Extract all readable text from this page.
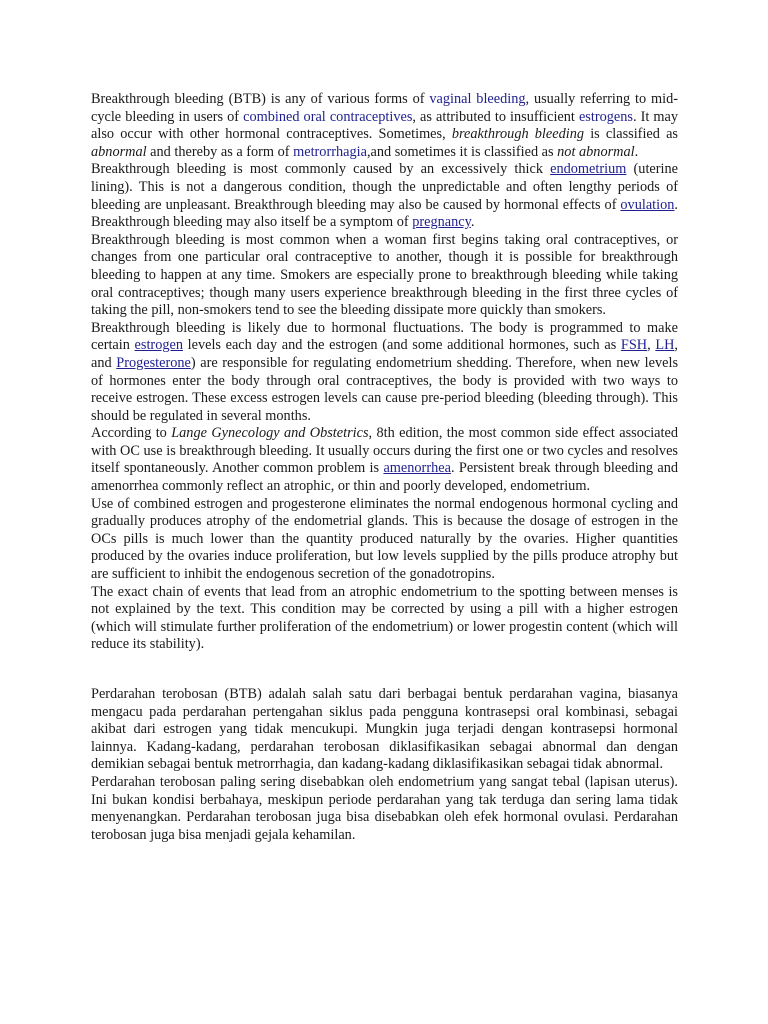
Breakthrough bleeding (BTB) is any of various forms of vaginal bleeding, usually referring to mid-cycle bleeding in users of combined oral contraceptives, as attributed to insufficient estrogens. It may also occur with other hormonal contraceptives. Sometimes, breakthrough bleeding is classified as abnormal and thereby as a form of metrorrhagia,and sometimes it is classified as not abnormal.

Breakthrough bleeding is most commonly caused by an excessively thick endometrium (uterine lining). This is not a dangerous condition, though the unpredictable and often lengthy periods of bleeding are unpleasant. Breakthrough bleeding may also be caused by hormonal effects of ovulation. Breakthrough bleeding may also itself be a symptom of pregnancy.

Breakthrough bleeding is most common when a woman first begins taking oral contraceptives, or changes from one particular oral contraceptive to another, though it is possible for breakthrough bleeding to happen at any time. Smokers are especially prone to breakthrough bleeding while taking oral contraceptives; though many users experience breakthrough bleeding in the first three cycles of taking the pill, non-smokers tend to see the bleeding dissipate more quickly than smokers.

Breakthrough bleeding is likely due to hormonal fluctuations. The body is programmed to make certain estrogen levels each day and the estrogen (and some additional hormones, such as FSH, LH, and Progesterone) are responsible for regulating endometrium shedding. Therefore, when new levels of hormones enter the body through oral contraceptives, the body is provided with two ways to receive estrogen. These excess estrogen levels can cause pre-period bleeding (bleeding through). This should be regulated in several months.

According to Lange Gynecology and Obstetrics, 8th edition, the most common side effect associated with OC use is breakthrough bleeding. It usually occurs during the first one or two cycles and resolves itself spontaneously. Another common problem is amenorrhea. Persistent break through bleeding and amenorrhea commonly reflect an atrophic, or thin and poorly developed, endometrium.

Use of combined estrogen and progesterone eliminates the normal endogenous hormonal cycling and gradually produces atrophy of the endometrial glands. This is because the dosage of estrogen in the OCs pills is much lower than the quantity produced naturally by the ovaries. Higher quantities produced by the ovaries induce proliferation, but low levels supplied by the pills produce atrophy but are sufficient to inhibit the endogenous secretion of the gonadotropins.

The exact chain of events that lead from an atrophic endometrium to the spotting between menses is not explained by the text. This condition may be corrected by using a pill with a higher estrogen (which will stimulate further proliferation of the endometrium) or lower progestin content (which will reduce its stability).

Perdarahan terobosan (BTB) adalah salah satu dari berbagai bentuk perdarahan vagina, biasanya mengacu pada perdarahan pertengahan siklus pada pengguna kontrasepsi oral kombinasi, sebagai akibat dari estrogen yang tidak mencukupi. Mungkin juga terjadi dengan kontrasepsi hormonal lainnya. Kadang-kadang, perdarahan terobosan diklasifikasikan sebagai abnormal dan dengan demikian sebagai bentuk metrorrhagia, dan kadang-kadang diklasifikasikan sebagai tidak abnormal.

Perdarahan terobosan paling sering disebabkan oleh endometrium yang sangat tebal (lapisan uterus). Ini bukan kondisi berbahaya, meskipun periode perdarahan yang tak terduga dan sering lama tidak menyenangkan. Perdarahan terobosan juga bisa disebabkan oleh efek hormonal ovulasi. Perdarahan terobosan juga bisa menjadi gejala kehamilan.
